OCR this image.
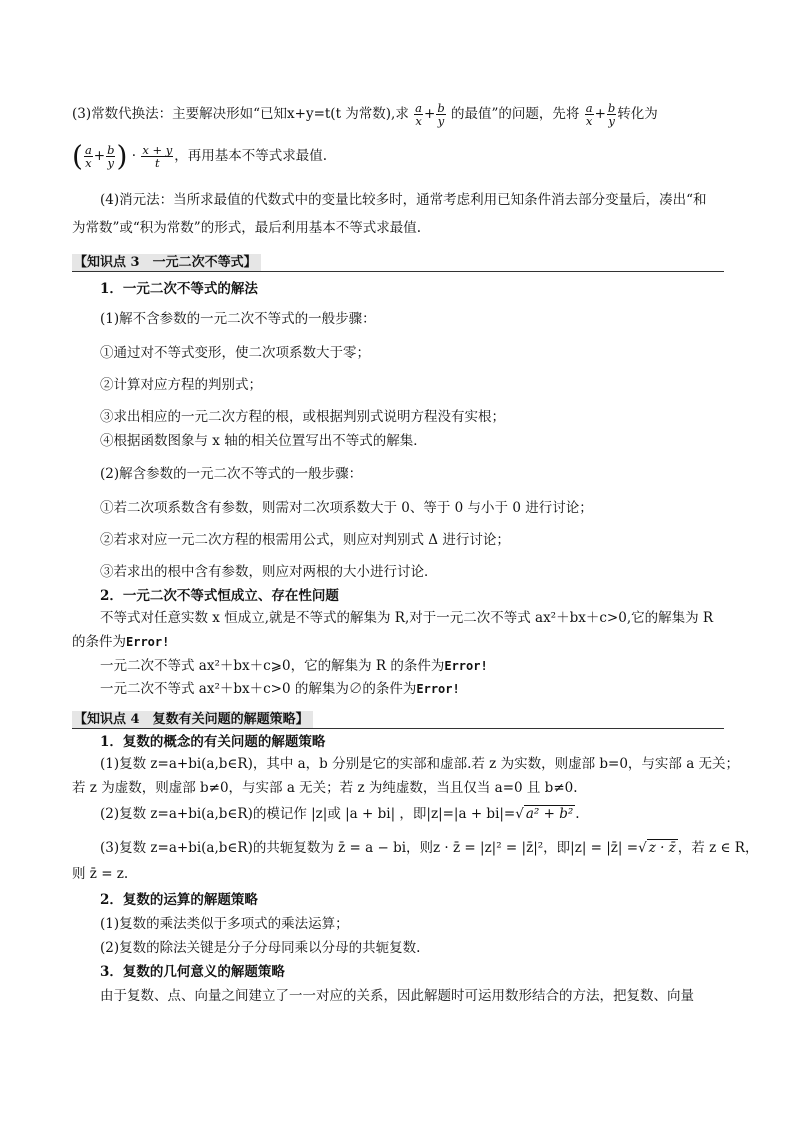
(3)常数代换法：主要解决形如“已知x+y=t(t 为常数),求 $\frac{a}{x} + \frac{b}{y}$ 的最值”的问题，先将 $\frac{a}{x} + \frac{b}{y}$ 转化为
( $\frac{a}{x} + \frac{b}{y}$ ) · $\frac{x + y}{t}$ ，再用基本不等式求最值.
(4)消元法：当所求最值的代数式中的变量比较多时，通常考虑利用已知条件消去部分变量后，凑出“和
为常数”或“积为常数”的形式，最后利用基本不等式求最值.
【知识点 3　一元二次不等式】
1．一元二次不等式的解法
(1)解不含参数的一元二次不等式的一般步骤：
①通过对不等式变形，使二次项系数大于零；
②计算对应方程的判别式；
③求出相应的一元二次方程的根，或根据判别式说明方程没有实根；
④根据函数图象与 x 轴的相关位置写出不等式的解集．
(2)解含参数的一元二次不等式的一般步骤：
①若二次项系数含有参数，则需对二次项系数大于 0、等于 0 与小于 0 进行讨论；
②若求对应一元二次方程的根需用公式，则应对判别式 Δ 进行讨论；
③若求出的根中含有参数，则应对两根的大小进行讨论．
2．一元二次不等式恒成立、存在性问题
不等式对任意实数 x 恒成立,就是不等式的解集为 R,对于一元二次不等式 ax²＋bx＋c>0,它的解集为 R
的条件为Error!
一元二次不等式 ax²＋bx＋c⩾0，它的解集为 R 的条件为Error!
一元二次不等式 ax²＋bx＋c>0 的解集为∅的条件为Error!
【知识点 4　复数有关问题的解题策略】
1．复数的概念的有关问题的解题策略
(1)复数 z=a+bi(a,b∈R)，其中 a，b 分别是它的实部和虚部.若 z 为实数，则虚部 b=0，与实部 a 无关；
若 z 为虚数，则虚部 b≠0，与实部 a 无关；若 z 为纯虚数，当且仅当 a=0 且 b≠0.
(2)复数 z=a+bi(a,b∈R)的模记作 |z|或 |a + bi| ，即|z|=|a + bi|=√ a² + b² .
(3)复数 z=a+bi(a,b∈R)的共轭复数为 z̄ = a − bi，则z · z̄ = |z|² = |z̄|²，即|z| = |z̄| =√ z · z̄ ，若 z ∈ R，
则 z̄ = z.
2．复数的运算的解题策略
(1)复数的乘法类似于多项式的乘法运算；
(2)复数的除法关键是分子分母同乘以分母的共轭复数.
3．复数的几何意义的解题策略
由于复数、点、向量之间建立了一一对应的关系，因此解题时可运用数形结合的方法，把复数、向量
